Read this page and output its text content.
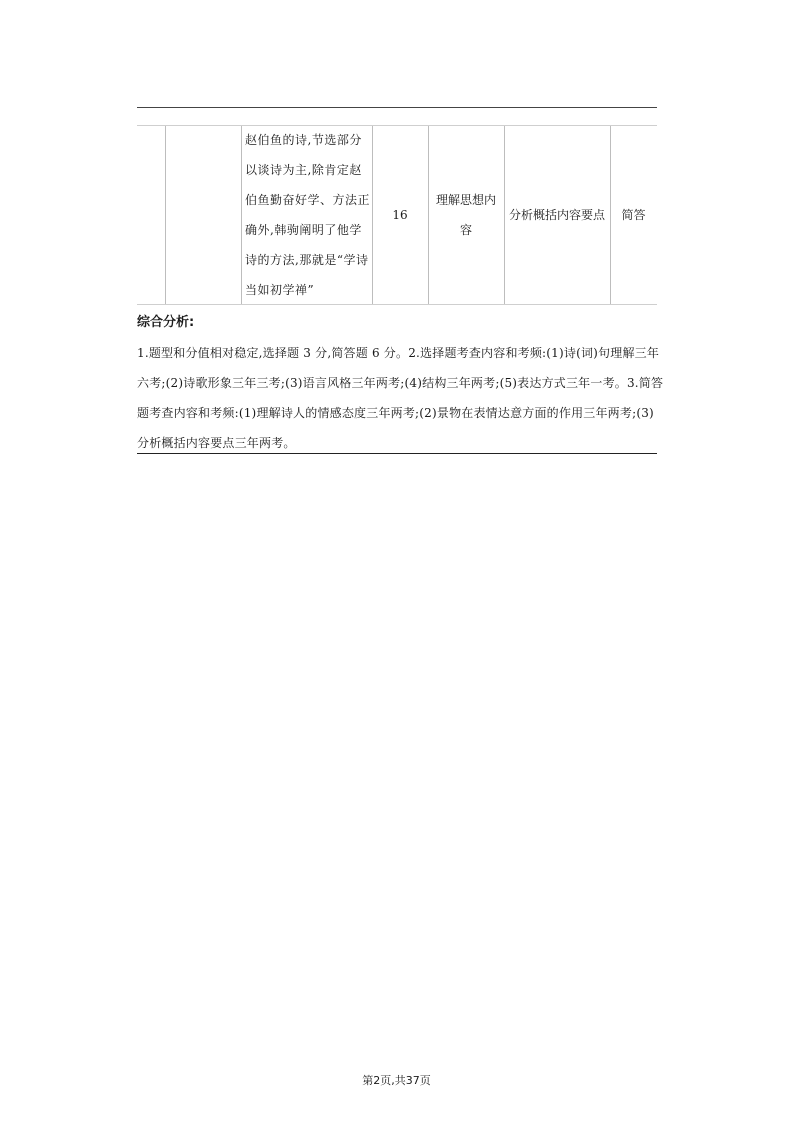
赵伯鱼的诗,节选部分
以谈诗为主,除肯定赵
伯鱼勤奋好学、方法正
确外,韩驹阐明了他学
诗的方法,那就是“学诗
当如初学禅”
16
理解思想内
容
分析概括内容要点 简答
综合分析:
1.题型和分值相对稳定,选择题 3 分,简答题 6 分。2.选择题考查内容和考频:(1)诗(词)句理解三年
六考;(2)诗歌形象三年三考;(3)语言风格三年两考;(4)结构三年两考;(5)表达方式三年一考。3.简答
题考查内容和考频:(1)理解诗人的情感态度三年两考;(2)景物在表情达意方面的作用三年两考;(3)
分析概括内容要点三年两考。
第2页,共37页
